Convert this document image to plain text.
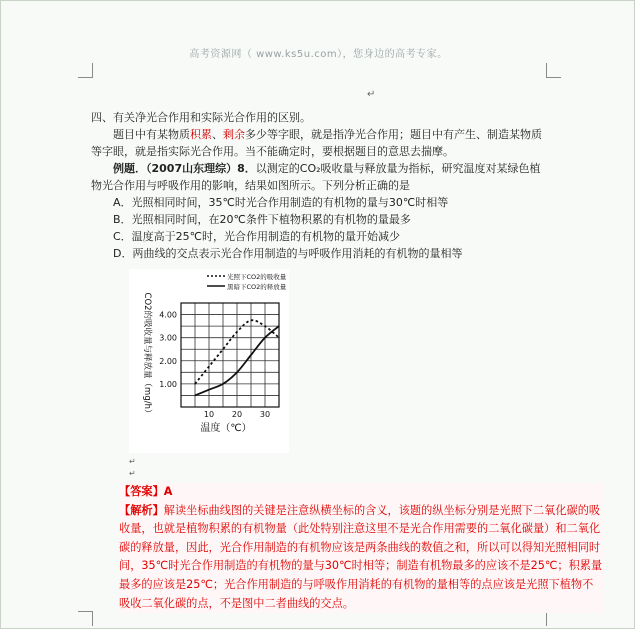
高考资源网（ www.ks5u.com），您身边的高考专家。
↵

四、有关净光合作用和实际光合作用的区别。

题目中有某物质积累、剩余多少等字眼，就是指净光合作用；题目中有产生、制造某物质等字眼，就是指实际光合作用。当不能确定时，要根据题目的意思去揣摩。

例题．（2007山东理综）8．以测定的CO₂吸收量与释放量为指标，研究温度对某绿色植物光合作用与呼吸作用的影响，结果如图所示。下列分析正确的是

A．光照相同时间，35℃时光合作用制造的有机物的量与30℃时相等

B．光照相同时间，在20℃条件下植物积累的有机物的量最多

C．温度高于25℃时，光合作用制造的有机物的量开始减少

D．两曲线的交点表示光合作用制造的与呼吸作用消耗的有机物的量相等

1.00
2.00
3.00
4.00
10 20 30
温度（℃）
CO2的吸收量与释放量（mg/h）
光照下CO2的吸收量
黑暗下CO2的释放量
↵
↵

【答案】A

【解析】解读坐标曲线图的关键是注意纵横坐标的含义，该题的纵坐标分别是光照下二氧化碳的吸收量，也就是植物积累的有机物量（此处特别注意这里不是光合作用需要的二氧化碳量）和二氧化碳的释放量，因此，光合作用制造的有机物应该是两条曲线的数值之和，所以可以得知光照相同时间，35℃时光合作用制造的有机物的量与30℃时相等；制造有机物最多的应该不是25℃；积累量最多的应该是25℃；光合作用制造的与呼吸作用消耗的有机物的量相等的点应该是光照下植物不吸收二氧化碳的点，不是图中二者曲线的交点。
